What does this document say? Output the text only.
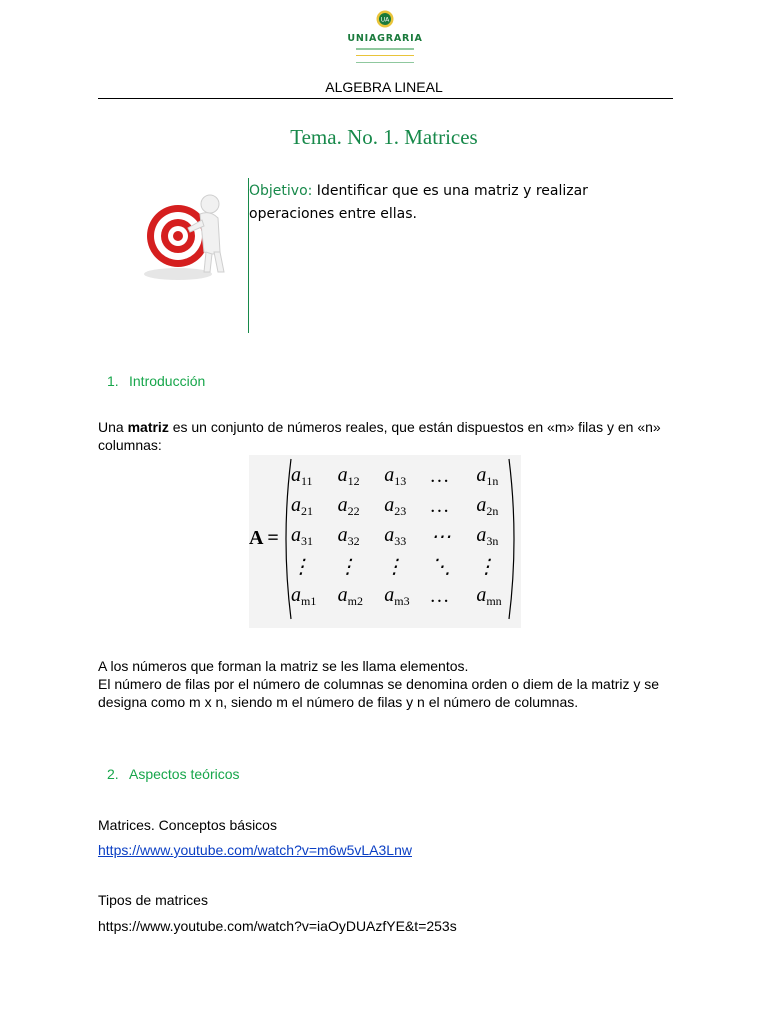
UA
UNIAGRARIA
ALGEBRA LINEAL
Tema. No. 1. Matrices
Objetivo: Identificar que es una matriz y realizar operaciones entre ellas.
1. Introducción
Una matriz es un conjunto de números reales, que están dispuestos en «m» filas y en «n» columnas:
A =
$a_{11}$	$a_{12}$	$a_{13}$	…	$a_{1n}$
$a_{21}$	$a_{22}$	$a_{23}$	…	$a_{2n}$
$a_{31}$	$a_{32}$	$a_{33}$	⋯	$a_{3n}$
⋮	⋮	⋮	⋱	⋮
$a_{m1}$	$a_{m2}$	$a_{m3}$	…	$a_{mn}$
A los números que forman la matriz se les llama elementos.
El número de filas por el número de columnas se denomina orden o diem de la matriz y se designa como m x n, siendo m el número de filas y n el número de columnas.
2. Aspectos teóricos
Matrices. Conceptos básicos
https://www.youtube.com/watch?v=m6w5vLA3Lnw
Tipos de matrices
https://www.youtube.com/watch?v=iaOyDUAzfYE&t=253s
